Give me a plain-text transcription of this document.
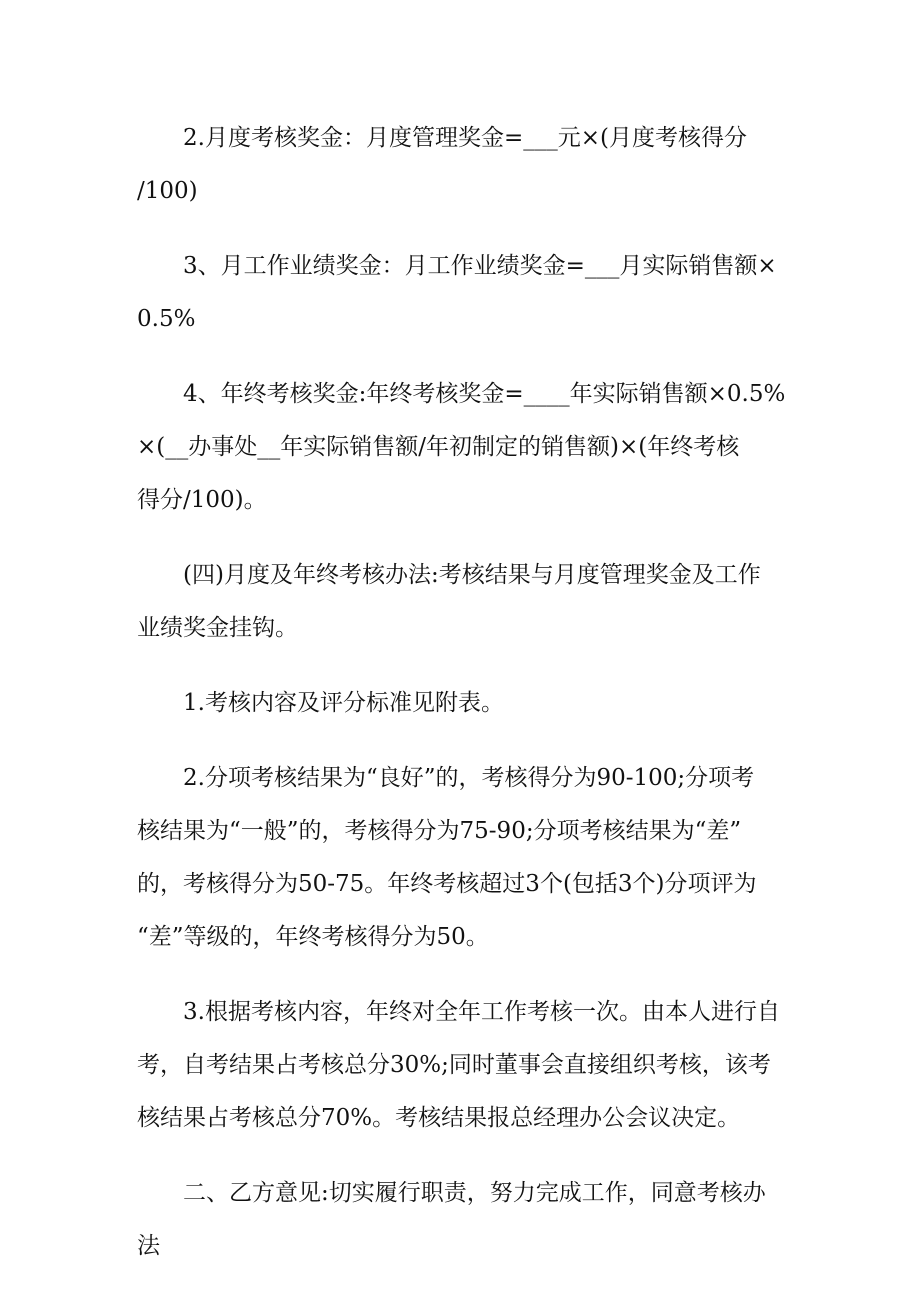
2.月度考核奖金：月度管理奖金=___元×(月度考核得分
/100)

3、月工作业绩奖金：月工作业绩奖金=___月实际销售额×
0.5%

4、年终考核奖金:年终考核奖金=____年实际销售额×0.5%
×(__办事处__年实际销售额/年初制定的销售额)×(年终考核
得分/100)。

(四)月度及年终考核办法:考核结果与月度管理奖金及工作
业绩奖金挂钩。

1.考核内容及评分标准见附表。

2.分项考核结果为“良好”的，考核得分为90-100;分项考
核结果为“一般”的，考核得分为75-90;分项考核结果为“差”
的，考核得分为50-75。年终考核超过3个(包括3个)分项评为
“差”等级的，年终考核得分为50。

3.根据考核内容，年终对全年工作考核一次。由本人进行自
考，自考结果占考核总分30%;同时董事会直接组织考核，该考
核结果占考核总分70%。考核结果报总经理办公会议决定。

二、乙方意见:切实履行职责，努力完成工作，同意考核办
法
